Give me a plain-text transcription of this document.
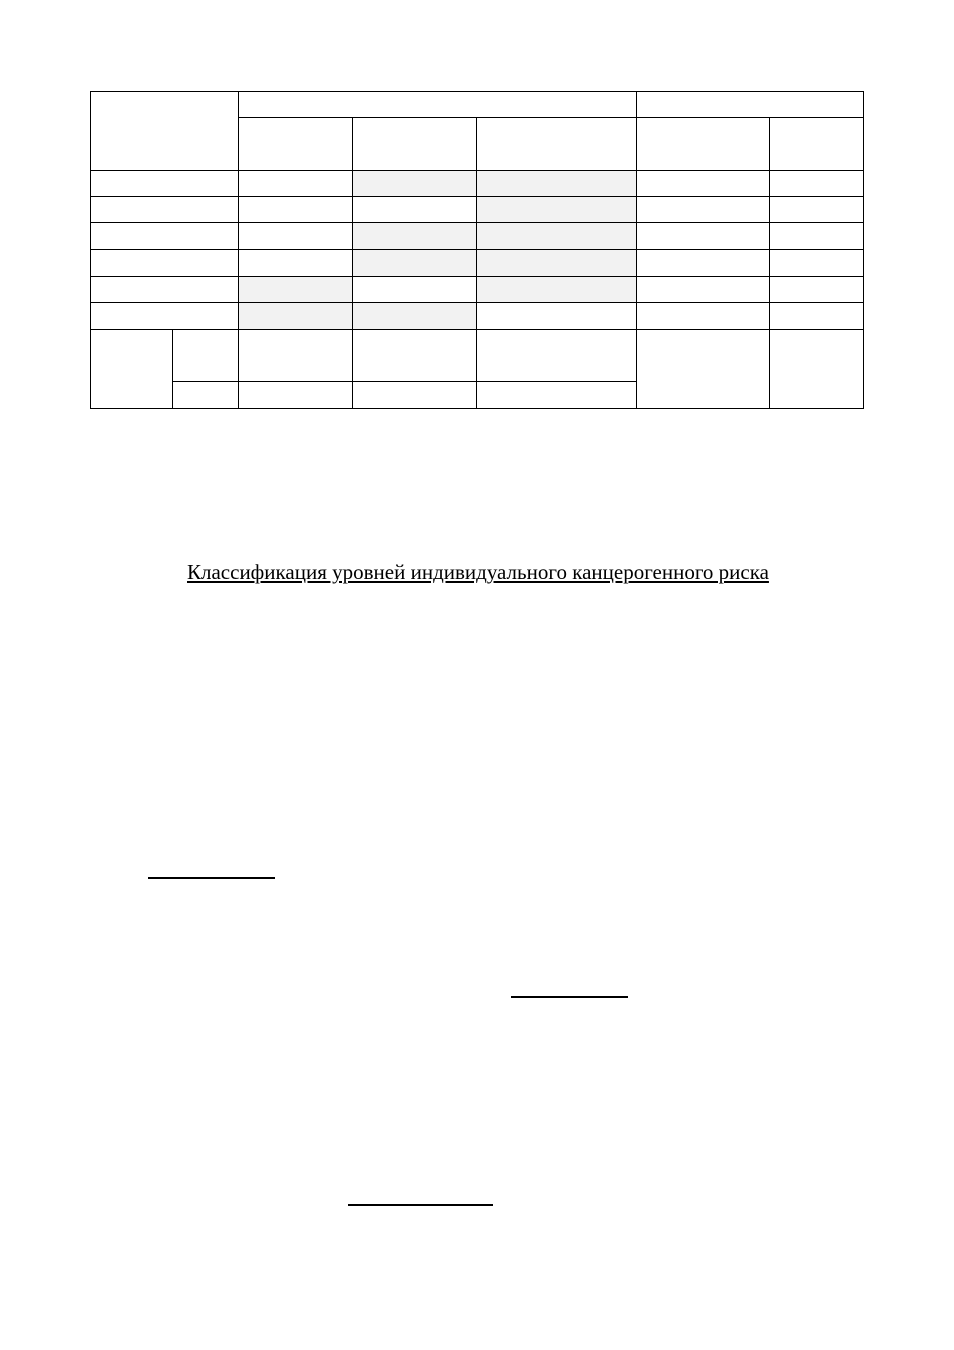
Классификация уровней индивидуального канцерогенного риска
